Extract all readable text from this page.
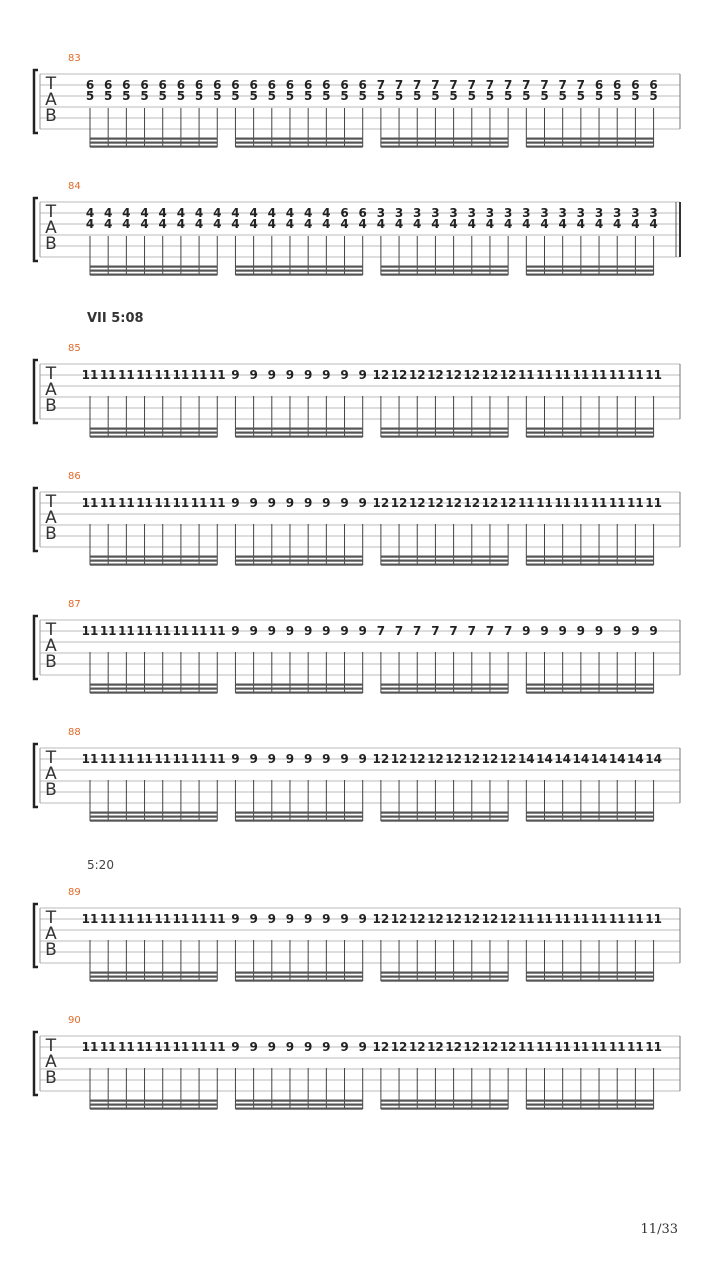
VII 5:08
5:20
11/33
83
T
A
B
6
5
6
5
6
5
6
5
6
5
6
5
6
5
6
5
6
5
6
5
6
5
6
5
6
5
6
5
6
5
6
5
7
5
7
5
7
5
7
5
7
5
7
5
7
5
7
5
7
5
7
5
7
5
7
5
6
5
6
5
6
5
6
5
84
T
A
B
4
4
4
4
4
4
4
4
4
4
4
4
4
4
4
4
4
4
4
4
4
4
4
4
4
4
4
4
6
4
6
4
3
4
3
4
3
4
3
4
3
4
3
4
3
4
3
4
3
4
3
4
3
4
3
4
3
4
3
4
3
4
3
4
85
T
A
B
11 11 11 11 11 11 11 11 9 9 9 9 9 9 9 9 12 12 12 12 12 12 12 12 11 11 11 11 11 11 11 11
86
T
A
B
11 11 11 11 11 11 11 11 9 9 9 9 9 9 9 9 12 12 12 12 12 12 12 12 11 11 11 11 11 11 11 11
87
T
A
B
11 11 11 11 11 11 11 11 9 9 9 9 9 9 9 9 7 7 7 7 7 7 7 7 9 9 9 9 9 9 9 9
88
T
A
B
11 11 11 11 11 11 11 11 9 9 9 9 9 9 9 9 12 12 12 12 12 12 12 12 14 14 14 14 14 14 14 14
89
T
A
B
11 11 11 11 11 11 11 11 9 9 9 9 9 9 9 9 12 12 12 12 12 12 12 12 11 11 11 11 11 11 11 11
90
T
A
B
11 11 11 11 11 11 11 11 9 9 9 9 9 9 9 9 12 12 12 12 12 12 12 12 11 11 11 11 11 11 11 11
